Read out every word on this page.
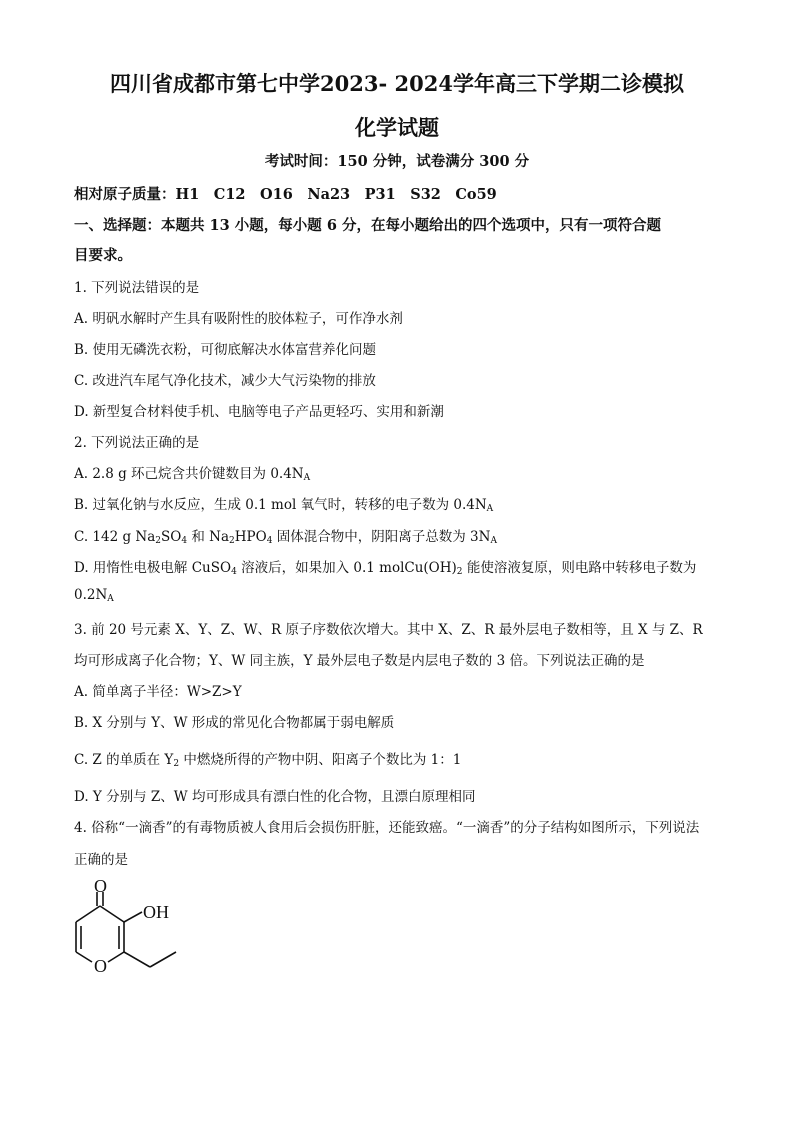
四川省成都市第七中学2023- 2024学年高三下学期二诊模拟
化学试题
考试时间：150 分钟，试卷满分 300 分
相对原子质量：H1　C12　O16　Na23　P31　S32　Co59
一、选择题：本题共 13 小题，每小题 6 分，在每小题给出的四个选项中，只有一项符合题
目要求。
1. 下列说法错误的是
A. 明矾水解时产生具有吸附性的胶体粒子，可作净水剂
B. 使用无磷洗衣粉，可彻底解决水体富营养化问题
C. 改进汽车尾气净化技术，减少大气污染物的排放
D. 新型复合材料使手机、电脑等电子产品更轻巧、实用和新潮
2. 下列说法正确的是
A. 2.8 g 环己烷含共价键数目为 $0.4N_A$
B. 过氧化钠与水反应，生成 0.1 mol 氧气时，转移的电子数为 $0.4N_A$
C. 142 g $Na_2SO_4$ 和 $Na_2HPO_4$ 固体混合物中，阴阳离子总数为 $3N_A$
D. 用惰性电极电解 CuSO$_4$ 溶液后，如果加入 0.1 $molCu(OH)_2$ 能使溶液复原，则电路中转移电子数为
$0.2N_A$
3. 前 20 号元素 X、Y、Z、W、R 原子序数依次增大。其中 X、Z、R 最外层电子数相等，且 X 与 Z、R
均可形成离子化合物；Y、W 同主族，Y 最外层电子数是内层电子数的 3 倍。下列说法正确的是
A. 简单离子半径：W>Z>Y
B. X 分别与 Y、W 形成的常见化合物都属于弱电解质
C. Z 的单质在 $Y_2$ 中燃烧所得的产物中阴、阳离子个数比为 1：1
D. Y 分别与 Z、W 均可形成具有漂白性的化合物，且漂白原理相同
4. 俗称“一滴香”的有毒物质被人食用后会损伤肝脏，还能致癌。“一滴香”的分子结构如图所示，下列说法
正确的是
O
OH
O
